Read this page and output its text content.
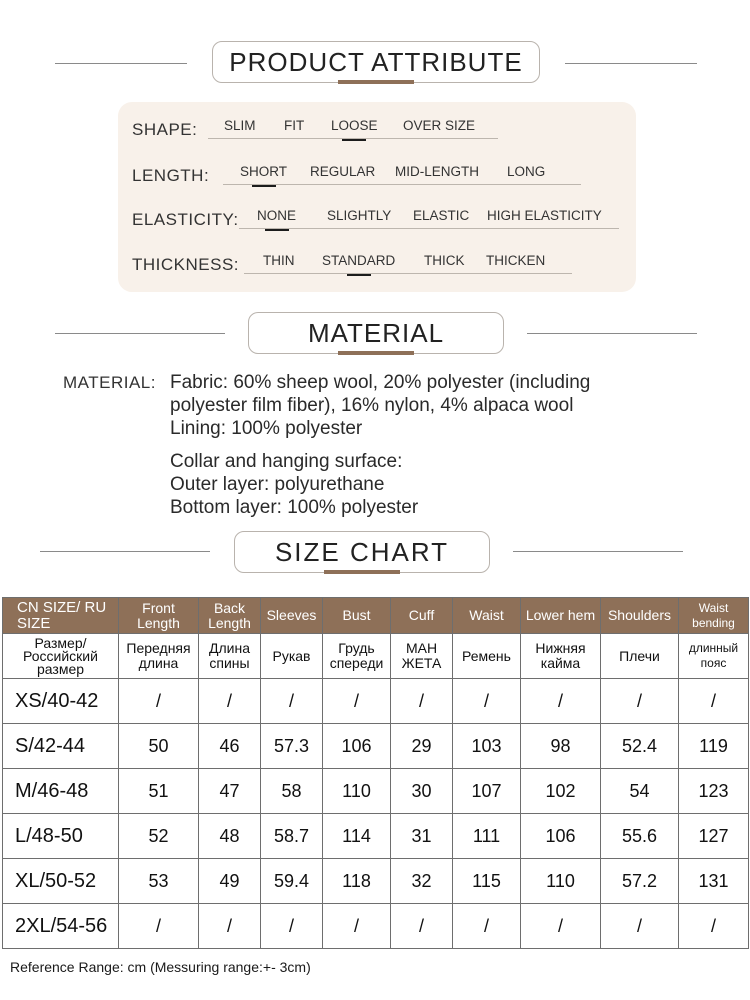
PRODUCT ATTRIBUTE
SHAPE: SLIM FIT LOOSE OVER SIZE
LENGTH: SHORT REGULAR MID-LENGTH LONG
ELASTICITY: NONE SLIGHTLY ELASTIC HIGH ELASTICITY
THICKNESS: THIN STANDARD THICK THICKEN
MATERIAL
MATERIAL: Fabric: 60% sheep wool, 20% polyester (including
polyester film fiber), 16% nylon, 4% alpaca wool
Lining: 100% polyester
Collar and hanging surface:
Outer layer: polyurethane
Bottom layer: 100% polyester
SIZE CHART
CN SIZE/ RU SIZE	Front Length	Back Length	Sleeves	Bust	Cuff	Waist	Lower hem	Shoulders	Waist bending
Размер/ Российский размер	Передняя длина	Длина спины	Рукав	Грудь спереди	МАН ЖЕТА	Ремень	Нижняя кайма	Плечи	длинный пояс
XS/40-42	/	/	/	/	/	/	/	/	/
S/42-44	50	46	57.3	106	29	103	98	52.4	119
M/46-48	51	47	58	110	30	107	102	54	123
L/48-50	52	48	58.7	114	31	111	106	55.6	127
XL/50-52	53	49	59.4	118	32	115	110	57.2	131
2XL/54-56	/	/	/	/	/	/	/	/	/
Reference Range: cm (Messuring range:+- 3cm)
